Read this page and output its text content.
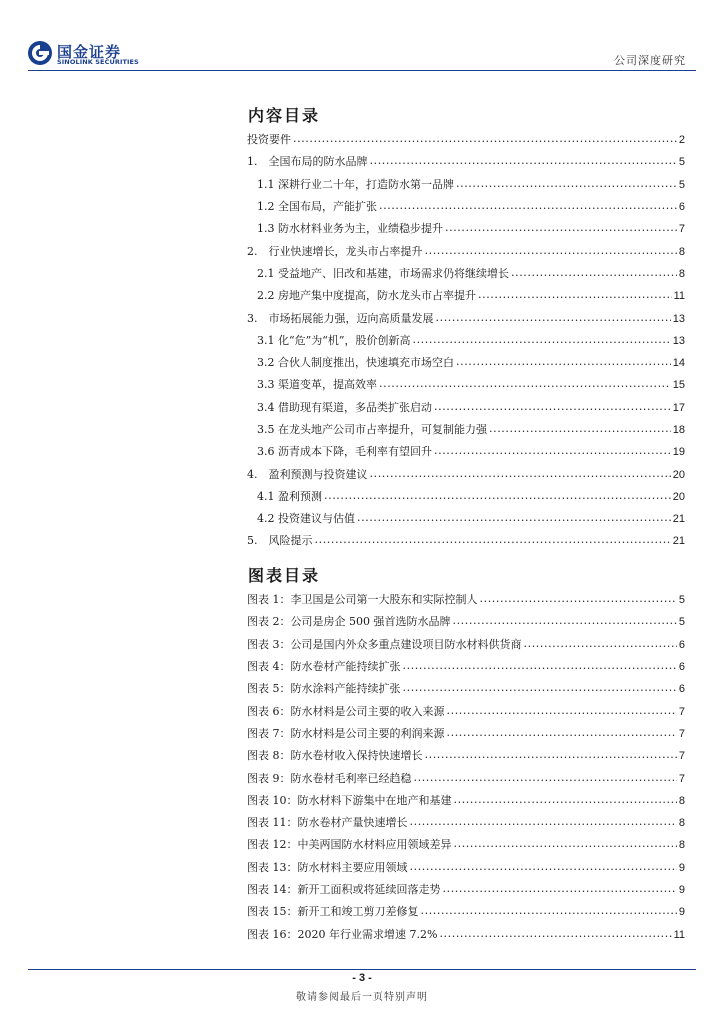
国金证券
SINOLINK SECURITIES	公司深度研究
内容目录
投资要件 .....	2
1.　全国布局的防水品牌 .....	5
1.1 深耕行业二十年，打造防水第一品牌 .....	5
1.2 全国布局，产能扩张 .....	6
1.3 防水材料业务为主，业绩稳步提升 .....	7
2.　行业快速增长，龙头市占率提升 .....	8
2.1 受益地产、旧改和基建，市场需求仍将继续增长 .....	8
2.2 房地产集中度提高，防水龙头市占率提升 .....	11
3.　市场拓展能力强，迈向高质量发展 .....	13
3.1 化“危”为“机”，股价创新高 .....	13
3.2 合伙人制度推出，快速填充市场空白 .....	14
3.3 渠道变革，提高效率 .....	15
3.4 借助现有渠道，多品类扩张启动 .....	17
3.5 在龙头地产公司市占率提升，可复制能力强 .....	18
3.6 沥青成本下降，毛利率有望回升 .....	19
4.　盈利预测与投资建议 .....	20
4.1 盈利预测 .....	20
4.2 投资建议与估值 .....	21
5.　风险提示 .....	21
图表目录
图表 1：李卫国是公司第一大股东和实际控制人 .....	5
图表 2：公司是房企 500 强首选防水品牌 .....	5
图表 3：公司是国内外众多重点建设项目防水材料供货商 .....	6
图表 4：防水卷材产能持续扩张 .....	6
图表 5：防水涂料产能持续扩张 .....	6
图表 6：防水材料是公司主要的收入来源 .....	7
图表 7：防水材料是公司主要的利润来源 .....	7
图表 8：防水卷材收入保持快速增长 .....	7
图表 9：防水卷材毛利率已经趋稳 .....	7
图表 10：防水材料下游集中在地产和基建 .....	8
图表 11：防水卷材产量快速增长 .....	8
图表 12：中美两国防水材料应用领域差异 .....	8
图表 13：防水材料主要应用领域 .....	9
图表 14：新开工面积或将延续回落走势 .....	9
图表 15：新开工和竣工剪刀差修复 .....	9
图表 16：2020 年行业需求增速 7.2% .....	11
- 3 -
敬请参阅最后一页特别声明
